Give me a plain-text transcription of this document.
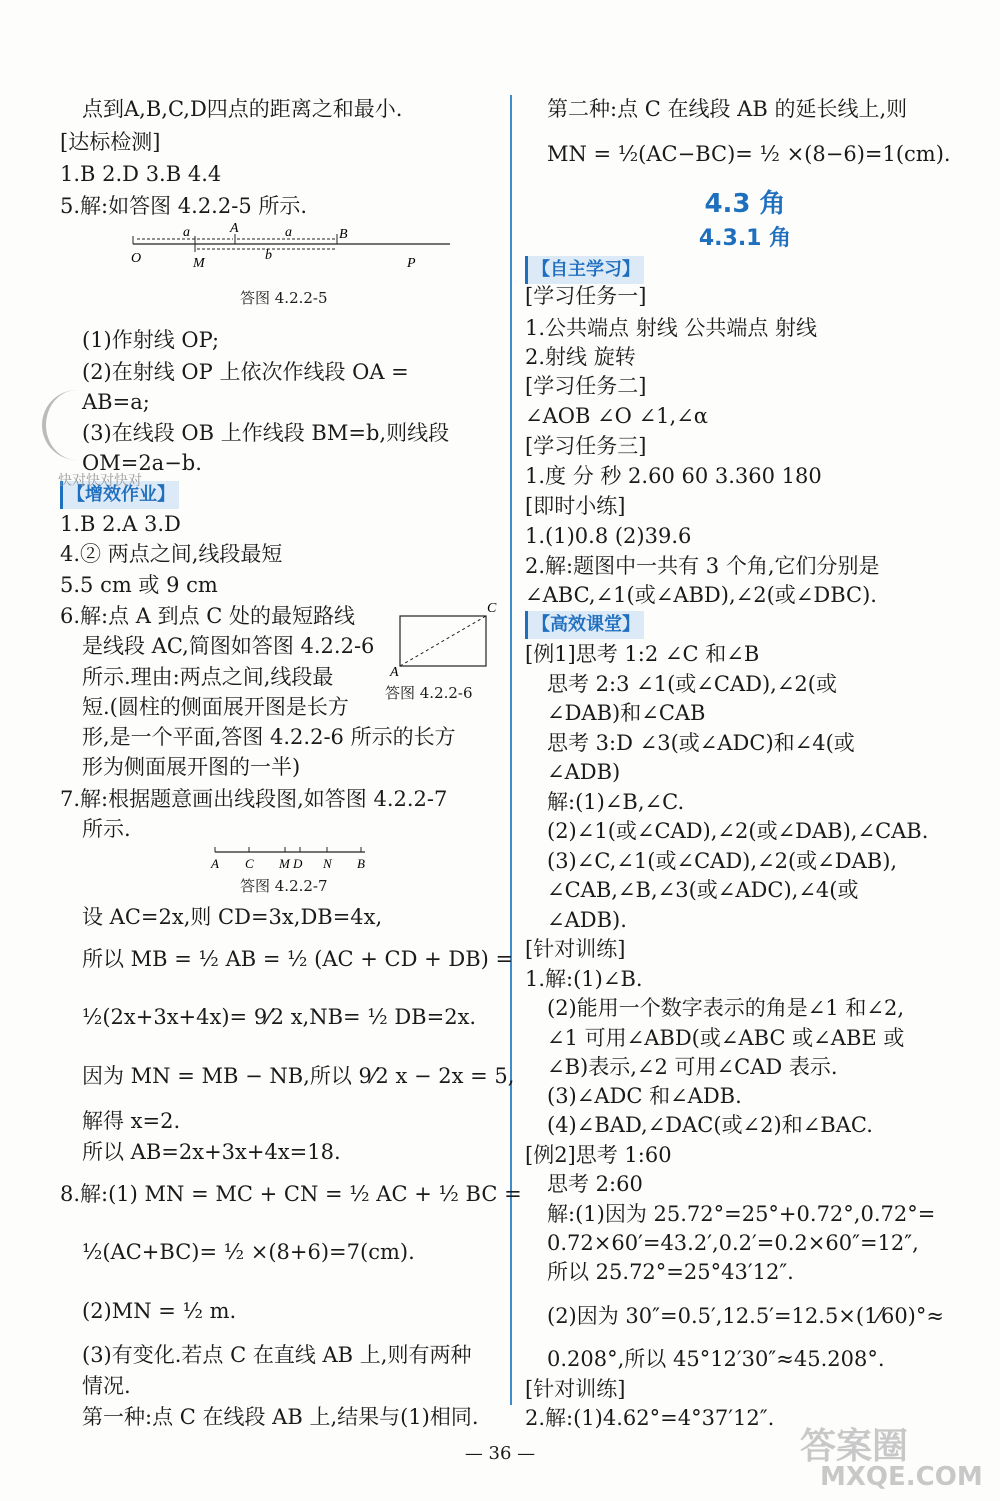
点到A,B,C,D四点的距离之和最小.
[达标检测]
1.B 2.D 3.B 4.4
5.解:如答图 4.2.2-5 所示.
答图 4.2.2-5
(1)作射线 OP;
(2)在射线 OP 上依次作线段 OA =
AB=a;
(3)在线段 OB 上作线段 BM=b,则线段
OM=2a−b.
1.B 2.A 3.D
4.② 两点之间,线段最短
5.5 cm 或 9 cm
6.解:点 A 到点 C 处的最短路线
是线段 AC,简图如答图 4.2.2-6
所示.理由:两点之间,线段最
短.(圆柱的侧面展开图是长方
形,是一个平面,答图 4.2.2-6 所示的长方
形为侧面展开图的一半)
7.解:根据题意画出线段图,如答图 4.2.2-7
所示.
答图 4.2.2-7
设 AC=2x,则 CD=3x,DB=4x,
所以 MB = ½ AB = ½ (AC + CD + DB) =
½(2x+3x+4x)= 9⁄2 x,NB= ½ DB=2x.
因为 MN = MB − NB,所以 9⁄2 x − 2x = 5,
解得 x=2.
所以 AB=2x+3x+4x=18.
8.解:(1) MN = MC + CN = ½ AC + ½ BC =
½(AC+BC)= ½ ×(8+6)=7(cm).
(2)MN = ½ m.
(3)有变化.若点 C 在直线 AB 上,则有两种
情况.
第一种:点 C 在线段 AB 上,结果与(1)相同.
【增效作业】
第二种:点 C 在线段 AB 的延长线上,则
MN = ½(AC−BC)= ½ ×(8−6)=1(cm).
[学习任务一]
1.公共端点 射线 公共端点 射线
2.射线 旋转
[学习任务二]
∠AOB ∠O ∠1,∠α
[学习任务三]
1.度 分 秒 2.60 60 3.360 180
[即时小练]
1.(1)0.8 (2)39.6
2.解:题图中一共有 3 个角,它们分别是
∠ABC,∠1(或∠ABD),∠2(或∠DBC).
[例1]思考 1:2 ∠C 和∠B
思考 2:3 ∠1(或∠CAD),∠2(或
∠DAB)和∠CAB
思考 3:D ∠3(或∠ADC)和∠4(或
∠ADB)
解:(1)∠B,∠C.
(2)∠1(或∠CAD),∠2(或∠DAB),∠CAB.
(3)∠C,∠1(或∠CAD),∠2(或∠DAB),
∠CAB,∠B,∠3(或∠ADC),∠4(或
∠ADB).
[针对训练]
1.解:(1)∠B.
(2)能用一个数字表示的角是∠1 和∠2,
∠1 可用∠ABD(或∠ABC 或∠ABE 或
∠B)表示,∠2 可用∠CAD 表示.
(3)∠ADC 和∠ADB.
(4)∠BAD,∠DAC(或∠2)和∠BAC.
[例2]思考 1:60
思考 2:60
解:(1)因为 25.72°=25°+0.72°,0.72°=
0.72×60′=43.2′,0.2′=0.2×60″=12″,
所以 25.72°=25°43′12″.
(2)因为 30″=0.5′,12.5′=12.5×(1⁄60)°≈
0.208°,所以 45°12′30″≈45.208°.
[针对训练]
2.解:(1)4.62°=4°37′12″.
【自主学习】
【高效课堂】
4.3 角
4.3.1 角
a	A	a	B
O	M
b
P
C
A
答图 4.2.2-6
A C M D N B
快对快对快对
— 36 —	答案圈
MXQE.COM
